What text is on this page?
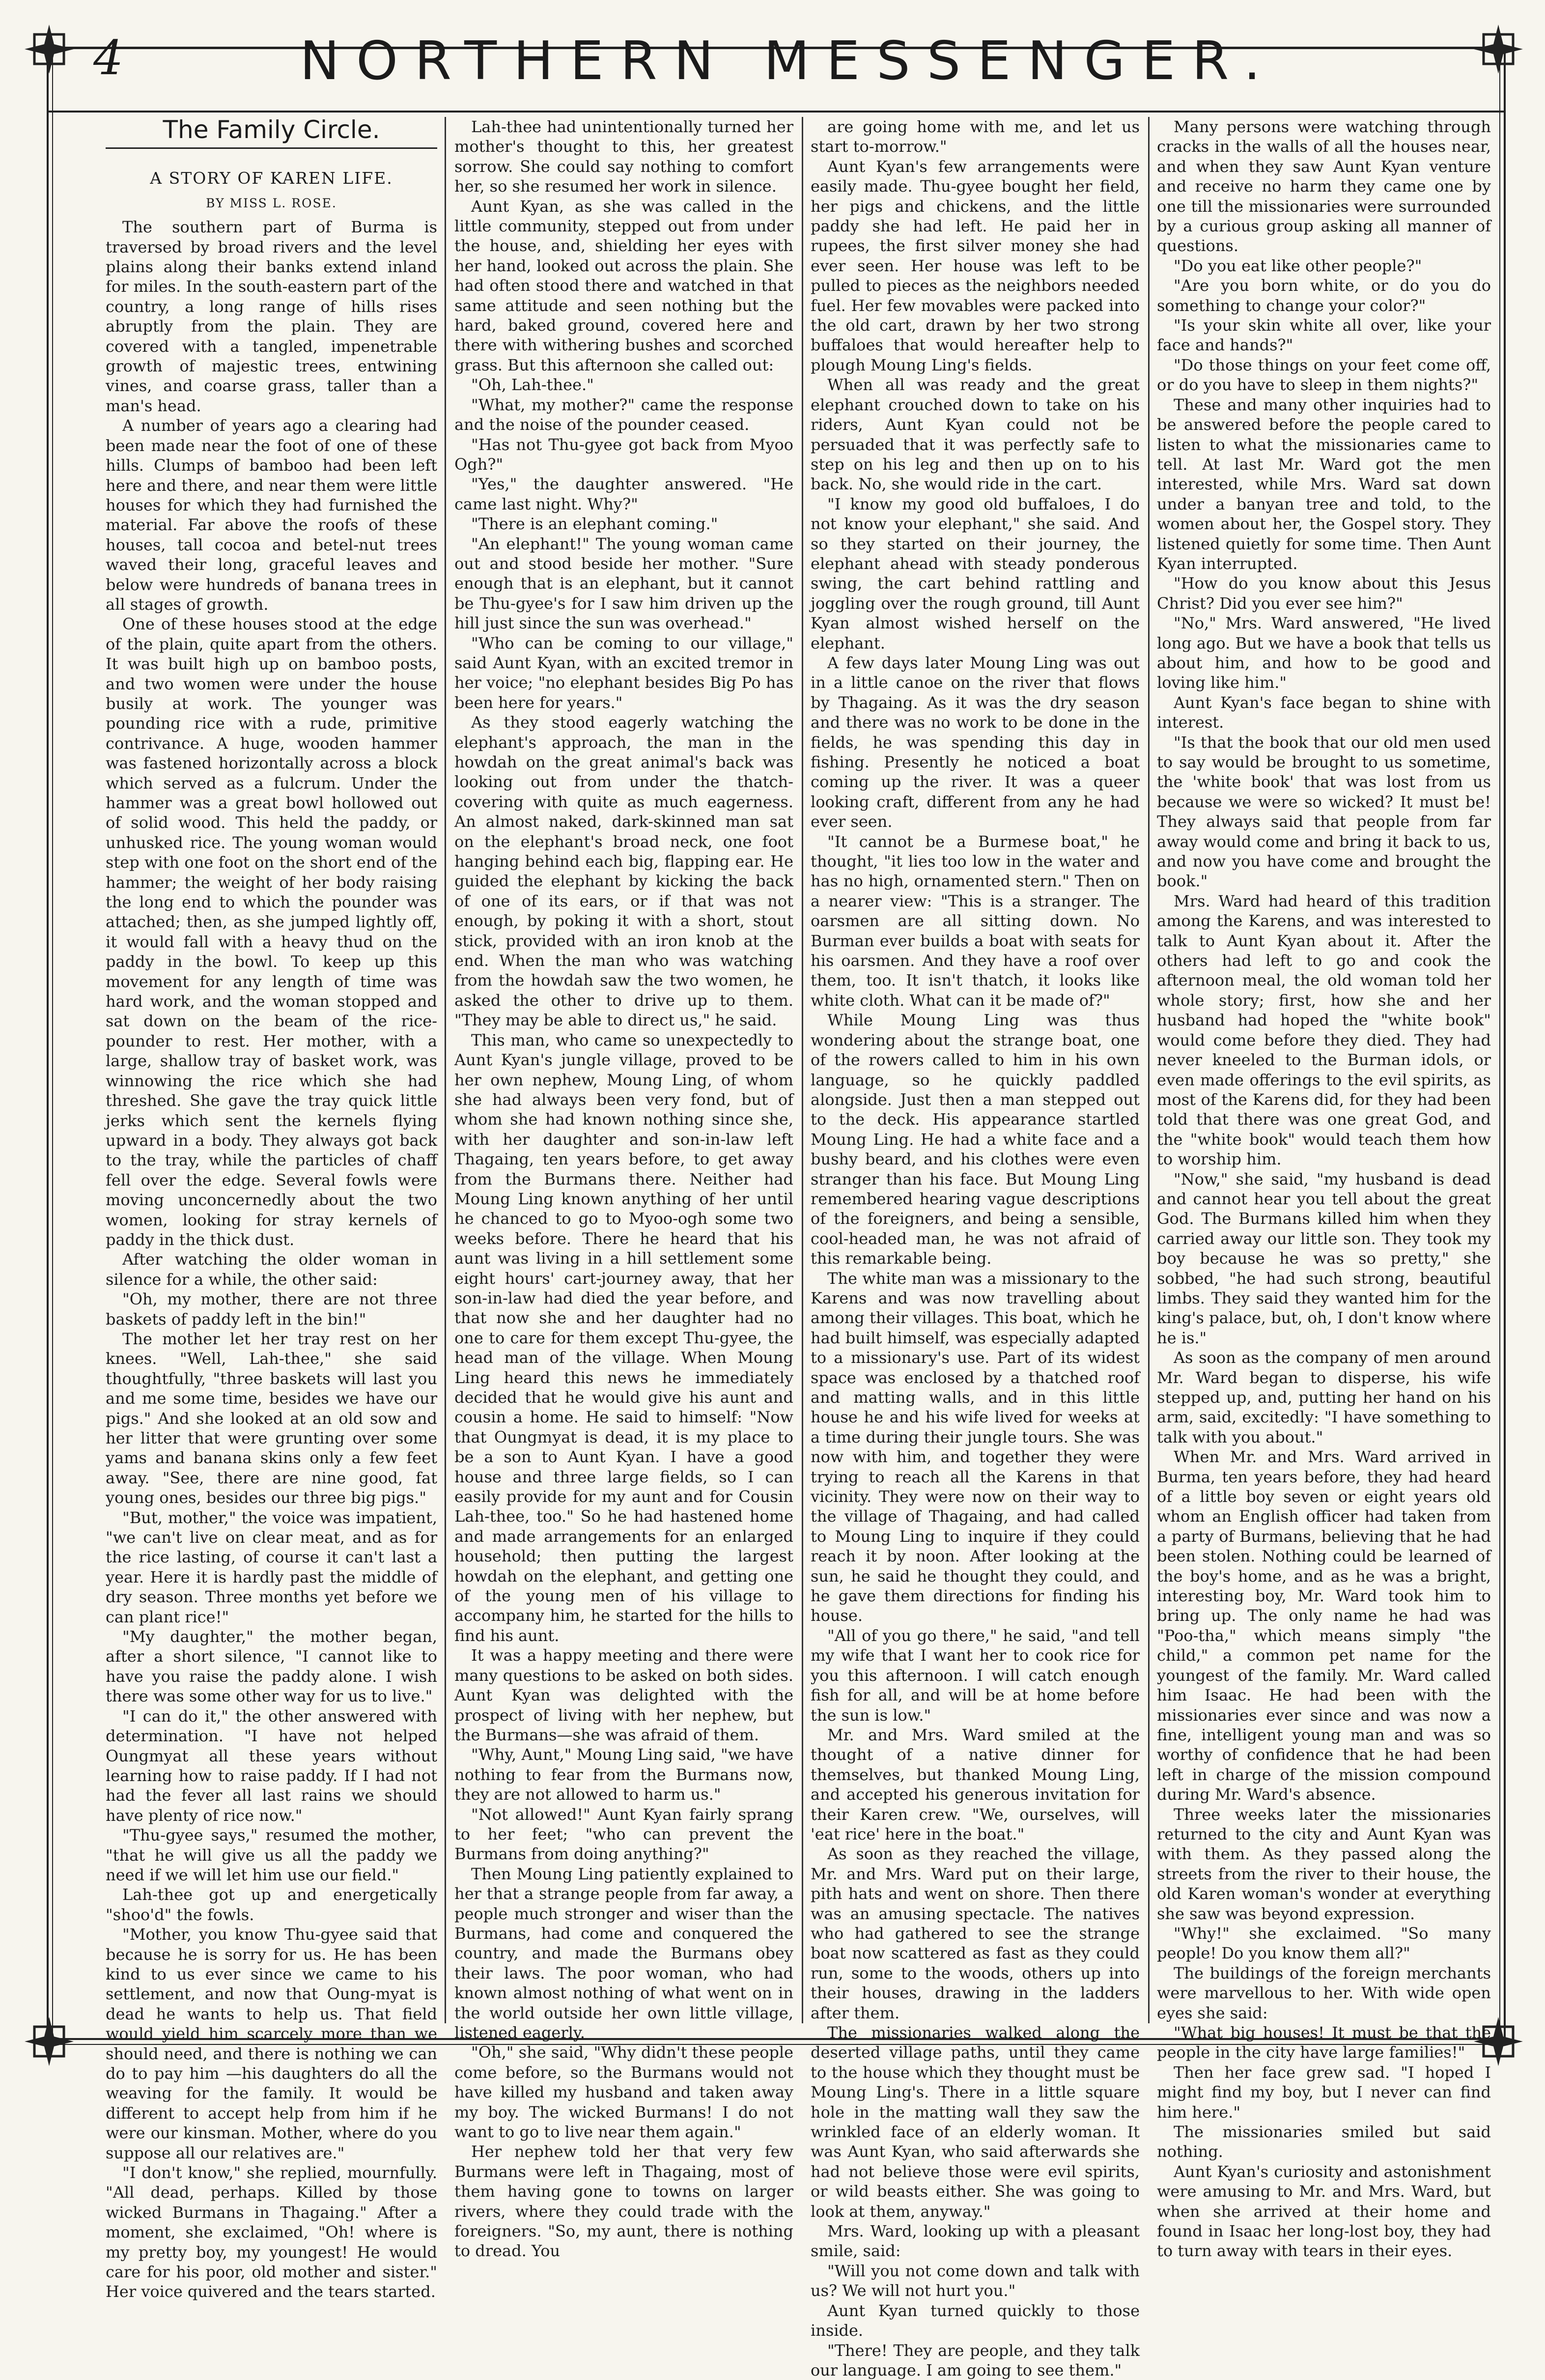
4	NORTHERN MESSENGER.
The Family Circle.
A STORY OF KAREN LIFE.
BY MISS L. ROSE.

The southern part of Burma is traversed by broad rivers and the level plains along their banks extend inland for miles. In the south-eastern part of the country, a long range of hills rises abruptly from the plain. They are covered with a tangled, impenetrable growth of majestic trees, entwining vines, and coarse grass, taller than a man's head.

A number of years ago a clearing had been made near the foot of one of these hills. Clumps of bamboo had been left here and there, and near them were little houses for which they had furnished the material. Far above the roofs of these houses, tall cocoa and betel-nut trees waved their long, graceful leaves and below were hundreds of banana trees in all stages of growth.

One of these houses stood at the edge of the plain, quite apart from the others. It was built high up on bamboo posts, and two women were under the house busily at work. The younger was pounding rice with a rude, primitive contrivance. A huge, wooden hammer was fastened horizontally across a block which served as a fulcrum. Under the hammer was a great bowl hollowed out of solid wood. This held the paddy, or unhusked rice. The young woman would step with one foot on the short end of the hammer; the weight of her body raising the long end to which the pounder was attached; then, as she jumped lightly off, it would fall with a heavy thud on the paddy in the bowl. To keep up this movement for any length of time was hard work, and the woman stopped and sat down on the beam of the rice-pounder to rest. Her mother, with a large, shallow tray of basket work, was winnowing the rice which she had threshed. She gave the tray quick little jerks which sent the kernels flying upward in a body. They always got back to the tray, while the particles of chaff fell over the edge. Several fowls were moving unconcernedly about the two women, looking for stray kernels of paddy in the thick dust.

After watching the older woman in silence for a while, the other said:

"Oh, my mother, there are not three baskets of paddy left in the bin!"

The mother let her tray rest on her knees. "Well, Lah-thee," she said thoughtfully, "three baskets will last you and me some time, besides we have our pigs." And she looked at an old sow and her litter that were grunting over some yams and banana skins only a few feet away. "See, there are nine good, fat young ones, besides our three big pigs."

"But, mother," the voice was impatient, "we can't live on clear meat, and as for the rice lasting, of course it can't last a year. Here it is hardly past the middle of dry season. Three months yet before we can plant rice!"

"My daughter," the mother began, after a short silence, "I cannot like to have you raise the paddy alone. I wish there was some other way for us to live."

"I can do it," the other answered with determination. "I have not helped Oungmyat all these years without learning how to raise paddy. If I had not had the fever all last rains we should have plenty of rice now."

"Thu-gyee says," resumed the mother, "that he will give us all the paddy we need if we will let him use our field."

Lah-thee got up and energetically "shoo'd" the fowls.

"Mother, you know Thu-gyee said that because he is sorry for us. He has been kind to us ever since we came to his settlement, and now that Oung-myat is dead he wants to help us. That field would yield him scarcely more than we should need, and there is nothing we can do to pay him —his daughters do all the weaving for the family. It would be different to accept help from him if he were our kinsman. Mother, where do you suppose all our relatives are."

"I don't know," she replied, mournfully. "All dead, perhaps. Killed by those wicked Burmans in Thagaing." After a moment, she exclaimed, "Oh! where is my pretty boy, my youngest! He would care for his poor, old mother and sister." Her voice quivered and the tears started.

Lah-thee had unintentionally turned her mother's thought to this, her greatest sorrow. She could say nothing to comfort her, so she resumed her work in silence.

Aunt Kyan, as she was called in the little community, stepped out from under the house, and, shielding her eyes with her hand, looked out across the plain. She had often stood there and watched in that same attitude and seen nothing but the hard, baked ground, covered here and there with withering bushes and scorched grass. But this afternoon she called out:

"Oh, Lah-thee."

"What, my mother?" came the response and the noise of the pounder ceased.

"Has not Thu-gyee got back from Myoo Ogh?"

"Yes," the daughter answered. "He came last night. Why?"

"There is an elephant coming."

"An elephant!" The young woman came out and stood beside her mother. "Sure enough that is an elephant, but it cannot be Thu-gyee's for I saw him driven up the hill just since the sun was overhead."

"Who can be coming to our village," said Aunt Kyan, with an excited tremor in her voice; "no elephant besides Big Po has been here for years."

As they stood eagerly watching the elephant's approach, the man in the howdah on the great animal's back was looking out from under the thatch-covering with quite as much eagerness. An almost naked, dark-skinned man sat on the elephant's broad neck, one foot hanging behind each big, flapping ear. He guided the elephant by kicking the back of one of its ears, or if that was not enough, by poking it with a short, stout stick, provided with an iron knob at the end. When the man who was watching from the howdah saw the two women, he asked the other to drive up to them. "They may be able to direct us," he said.

This man, who came so unexpectedly to Aunt Kyan's jungle village, proved to be her own nephew, Moung Ling, of whom she had always been very fond, but of whom she had known nothing since she, with her daughter and son-in-law left Thagaing, ten years before, to get away from the Burmans there. Neither had Moung Ling known anything of her until he chanced to go to Myoo-ogh some two weeks before. There he heard that his aunt was living in a hill settlement some eight hours' cart-journey away, that her son-in-law had died the year before, and that now she and her daughter had no one to care for them except Thu-gyee, the head man of the village. When Moung Ling heard this news he immediately decided that he would give his aunt and cousin a home. He said to himself: "Now that Oungmyat is dead, it is my place to be a son to Aunt Kyan. I have a good house and three large fields, so I can easily provide for my aunt and for Cousin Lah-thee, too." So he had hastened home and made arrangements for an enlarged household; then putting the largest howdah on the elephant, and getting one of the young men of his village to accompany him, he started for the hills to find his aunt.

It was a happy meeting and there were many questions to be asked on both sides. Aunt Kyan was delighted with the prospect of living with her nephew, but the Burmans—she was afraid of them.

"Why, Aunt," Moung Ling said, "we have nothing to fear from the Burmans now, they are not allowed to harm us."

"Not allowed!" Aunt Kyan fairly sprang to her feet; "who can prevent the Burmans from doing anything?"

Then Moung Ling patiently explained to her that a strange people from far away, a people much stronger and wiser than the Burmans, had come and conquered the country, and made the Burmans obey their laws. The poor woman, who had known almost nothing of what went on in the world outside her own little village, listened eagerly.

"Oh," she said, "Why didn't these people come before, so the Burmans would not have killed my husband and taken away my boy. The wicked Burmans! I do not want to go to live near them again."

Her nephew told her that very few Burmans were left in Thagaing, most of them having gone to towns on larger rivers, where they could trade with the foreigners. "So, my aunt, there is nothing to dread. You

are going home with me, and let us start to-morrow."

Aunt Kyan's few arrangements were easily made. Thu-gyee bought her field, her pigs and chickens, and the little paddy she had left. He paid her in rupees, the first silver money she had ever seen. Her house was left to be pulled to pieces as the neighbors needed fuel. Her few movables were packed into the old cart, drawn by her two strong buffaloes that would hereafter help to plough Moung Ling's fields.

When all was ready and the great elephant crouched down to take on his riders, Aunt Kyan could not be persuaded that it was perfectly safe to step on his leg and then up on to his back. No, she would ride in the cart.

"I know my good old buffaloes, I do not know your elephant," she said. And so they started on their journey, the elephant ahead with steady ponderous swing, the cart behind rattling and joggling over the rough ground, till Aunt Kyan almost wished herself on the elephant.

A few days later Moung Ling was out in a little canoe on the river that flows by Thagaing. As it was the dry season and there was no work to be done in the fields, he was spending this day in fishing. Presently he noticed a boat coming up the river. It was a queer looking craft, different from any he had ever seen.

"It cannot be a Burmese boat," he thought, "it lies too low in the water and has no high, ornamented stern." Then on a nearer view: "This is a stranger. The oarsmen are all sitting down. No Burman ever builds a boat with seats for his oarsmen. And they have a roof over them, too. It isn't thatch, it looks like white cloth. What can it be made of?"

While Moung Ling was thus wondering about the strange boat, one of the rowers called to him in his own language, so he quickly paddled alongside. Just then a man stepped out to the deck. His appearance startled Moung Ling. He had a white face and a bushy beard, and his clothes were even stranger than his face. But Moung Ling remembered hearing vague descriptions of the foreigners, and being a sensible, cool-headed man, he was not afraid of this remarkable being.

The white man was a missionary to the Karens and was now travelling about among their villages. This boat, which he had built himself, was especially adapted to a missionary's use. Part of its widest space was enclosed by a thatched roof and matting walls, and in this little house he and his wife lived for weeks at a time during their jungle tours. She was now with him, and together they were trying to reach all the Karens in that vicinity. They were now on their way to the village of Thagaing, and had called to Moung Ling to inquire if they could reach it by noon. After looking at the sun, he said he thought they could, and he gave them directions for finding his house.

"All of you go there," he said, "and tell my wife that I want her to cook rice for you this afternoon. I will catch enough fish for all, and will be at home before the sun is low."

Mr. and Mrs. Ward smiled at the thought of a native dinner for themselves, but thanked Moung Ling, and accepted his generous invitation for their Karen crew. "We, ourselves, will 'eat rice' here in the boat."

As soon as they reached the village, Mr. and Mrs. Ward put on their large, pith hats and went on shore. Then there was an amusing spectacle. The natives who had gathered to see the strange boat now scattered as fast as they could run, some to the woods, others up into their houses, drawing in the ladders after them.

The missionaries walked along the deserted village paths, until they came to the house which they thought must be Moung Ling's. There in a little square hole in the matting wall they saw the wrinkled face of an elderly woman. It was Aunt Kyan, who said afterwards she had not believe those were evil spirits, or wild beasts either. She was going to look at them, anyway."

Mrs. Ward, looking up with a pleasant smile, said:

"Will you not come down and talk with us? We will not hurt you."

Aunt Kyan turned quickly to those inside.

"There! They are people, and they talk our language. I am going to see them."

Many persons were watching through cracks in the walls of all the houses near, and when they saw Aunt Kyan venture and receive no harm they came one by one till the missionaries were surrounded by a curious group asking all manner of questions.

"Do you eat like other people?"

"Are you born white, or do you do something to change your color?"

"Is your skin white all over, like your face and hands?"

"Do those things on your feet come off, or do you have to sleep in them nights?"

These and many other inquiries had to be answered before the people cared to listen to what the missionaries came to tell. At last Mr. Ward got the men interested, while Mrs. Ward sat down under a banyan tree and told, to the women about her, the Gospel story. They listened quietly for some time. Then Aunt Kyan interrupted.

"How do you know about this Jesus Christ? Did you ever see him?"

"No," Mrs. Ward answered, "He lived long ago. But we have a book that tells us about him, and how to be good and loving like him."

Aunt Kyan's face began to shine with interest.

"Is that the book that our old men used to say would be brought to us sometime, the 'white book' that was lost from us because we were so wicked? It must be! They always said that people from far away would come and bring it back to us, and now you have come and brought the book."

Mrs. Ward had heard of this tradition among the Karens, and was interested to talk to Aunt Kyan about it. After the others had left to go and cook the afternoon meal, the old woman told her whole story; first, how she and her husband had hoped the "white book" would come before they died. They had never kneeled to the Burman idols, or even made offerings to the evil spirits, as most of the Karens did, for they had been told that there was one great God, and the "white book" would teach them how to worship him.

"Now," she said, "my husband is dead and cannot hear you tell about the great God. The Burmans killed him when they carried away our little son. They took my boy because he was so pretty," she sobbed, "he had such strong, beautiful limbs. They said they wanted him for the king's palace, but, oh, I don't know where he is."

As soon as the company of men around Mr. Ward began to disperse, his wife stepped up, and, putting her hand on his arm, said, excitedly: "I have something to talk with you about."

When Mr. and Mrs. Ward arrived in Burma, ten years before, they had heard of a little boy seven or eight years old whom an English officer had taken from a party of Burmans, believing that he had been stolen. Nothing could be learned of the boy's home, and as he was a bright, interesting boy, Mr. Ward took him to bring up. The only name he had was "Poo-tha," which means simply "the child," a common pet name for the youngest of the family. Mr. Ward called him Isaac. He had been with the missionaries ever since and was now a fine, intelligent young man and was so worthy of confidence that he had been left in charge of the mission compound during Mr. Ward's absence.

Three weeks later the missionaries returned to the city and Aunt Kyan was with them. As they passed along the streets from the river to their house, the old Karen woman's wonder at everything she saw was beyond expression.

"Why!" she exclaimed. "So many people! Do you know them all?"

The buildings of the foreign merchants were marvellous to her. With wide open eyes she said:

"What big houses! It must be that the people in the city have large families!"

Then her face grew sad. "I hoped I might find my boy, but I never can find him here."

The missionaries smiled but said nothing.

Aunt Kyan's curiosity and astonishment were amusing to Mr. and Mrs. Ward, but when she arrived at their home and found in Isaac her long-lost boy, they had to turn away with tears in their eyes.
